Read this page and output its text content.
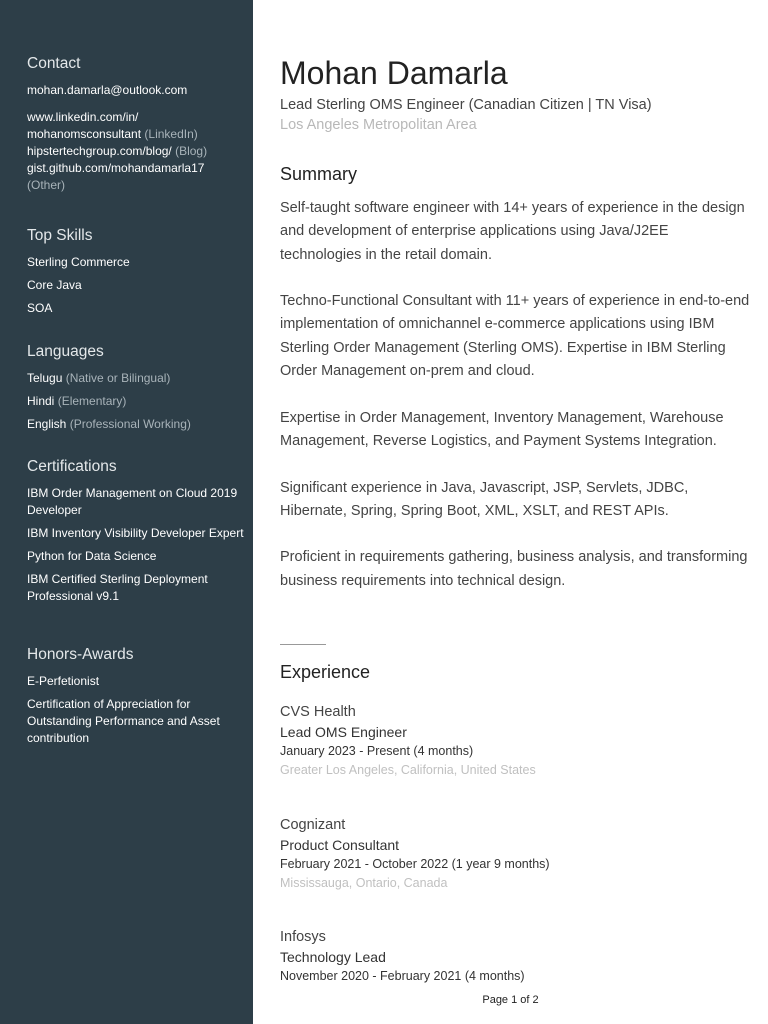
Contact
mohan.damarla@outlook.com
www.linkedin.com/in/
mohanomsconsultant (LinkedIn)
hipstertechgroup.com/blog/ (Blog)
gist.github.com/mohandamarla17
(Other)
Top Skills
Sterling Commerce
Core Java
SOA
Languages
Telugu (Native or Bilingual)
Hindi (Elementary)
English (Professional Working)
Certifications
IBM Order Management on Cloud 2019 Developer
IBM Inventory Visibility Developer Expert
Python for Data Science
IBM Certified Sterling Deployment Professional v9.1
Honors-Awards
E-Perfetionist
Certification of Appreciation for Outstanding Performance and Asset contribution
Mohan Damarla
Lead Sterling OMS Engineer (Canadian Citizen | TN Visa)
Los Angeles Metropolitan Area
Summary

Self-taught software engineer with 14+ years of experience in the design and development of enterprise applications using Java/J2EE technologies in the retail domain.

Techno-Functional Consultant with 11+ years of experience in end-to-end implementation of omnichannel e-commerce applications using IBM Sterling Order Management (Sterling OMS). Expertise in IBM Sterling Order Management on-prem and cloud.

Expertise in Order Management, Inventory Management, Warehouse Management, Reverse Logistics, and Payment Systems Integration.

Significant experience in Java, Javascript, JSP, Servlets, JDBC, Hibernate, Spring, Spring Boot, XML, XSLT, and REST APIs.

Proficient in requirements gathering, business analysis, and transforming business requirements into technical design.

Experience
CVS Health
Lead OMS Engineer
January 2023 - Present (4 months)
Greater Los Angeles, California, United States
Cognizant
Product Consultant
February 2021 - October 2022 (1 year 9 months)
Mississauga, Ontario, Canada
Infosys
Technology Lead
November 2020 - February 2021 (4 months)
Page 1 of 2
